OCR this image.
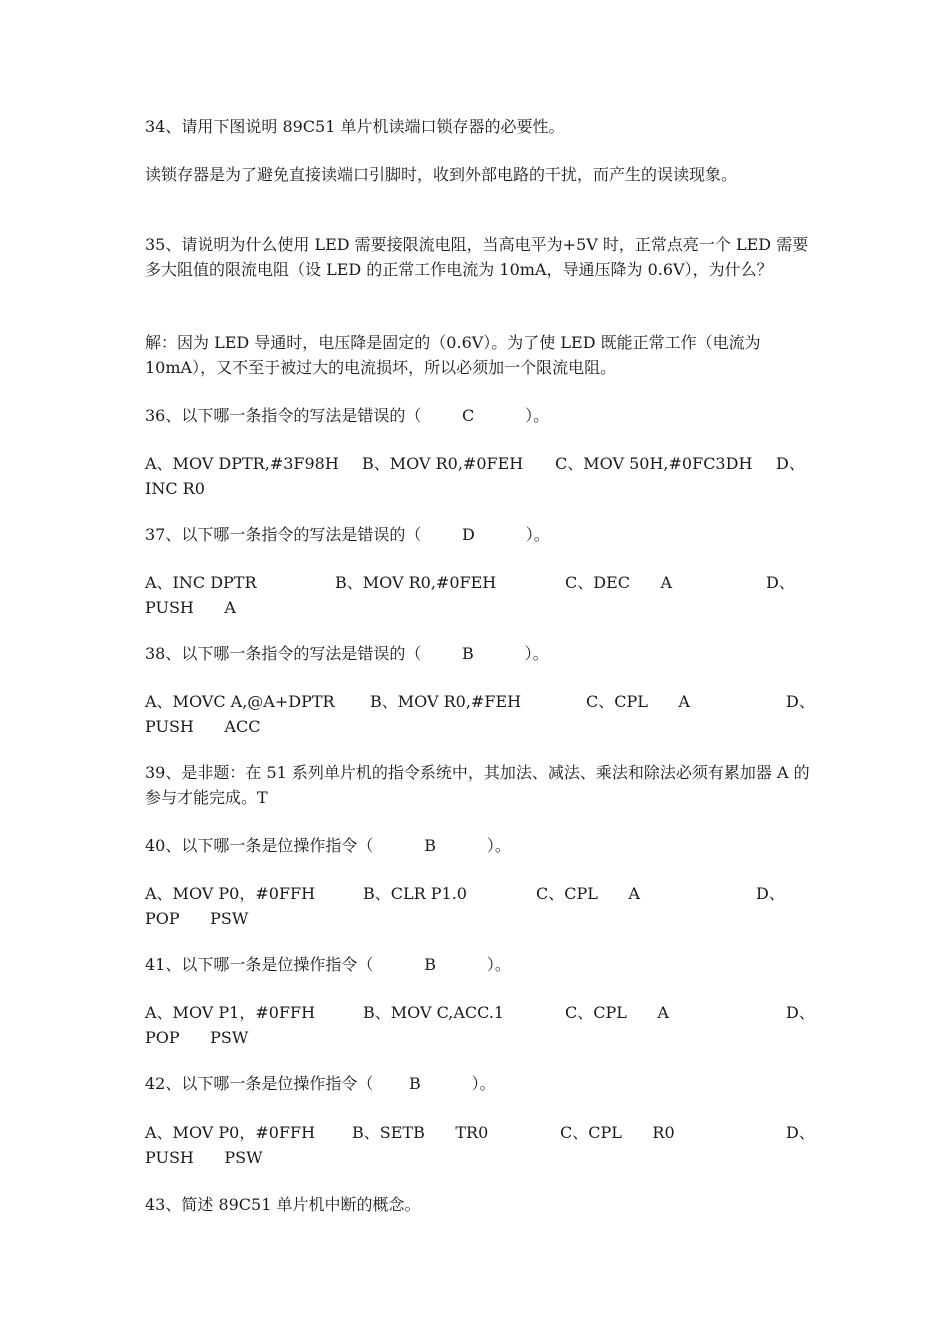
34、请用下图说明 89C51 单片机读端口锁存器的必要性。

读锁存器是为了避免直接读端口引脚时，收到外部电路的干扰，而产生的误读现象。

35、请说明为什么使用 LED 需要接限流电阻，当高电平为+5V 时，正常点亮一个 LED 需要多大阻值的限流电阻（设 LED 的正常工作电流为 10mA，导通压降为 0.6V），为什么？

解：因为 LED 导通时，电压降是固定的（0.6V）。为了使 LED 既能正常工作（电流为 10mA），又不至于被过大的电流损坏，所以必须加一个限流电阻。

36、以下哪一条指令的写法是错误的（        C          ）。

A、MOV DPTR,#3F98H B、MOV R0,#0FEH C、MOV 50H,#0FC3DH D、
INC R0

37、以下哪一条指令的写法是错误的（        D          ）。

A、INC DPTR	B、MOV R0,#0FEH	C、DEC      A	D、
PUSH      A

38、以下哪一条指令的写法是错误的（        B          ）。

A、MOVC A,@A+DPTR B、MOV R0,#FEH	C、CPL      A	D、
PUSH      ACC

39、是非题：在 51 系列单片机的指令系统中，其加法、减法、乘法和除法必须有累加器 A 的参与才能完成。T

40、以下哪一条是位操作指令（          B          ）。

A、MOV P0，#0FFH	B、CLR P1.0	C、CPL      A	D、
POP      PSW

41、以下哪一条是位操作指令（          B          ）。

A、MOV P1，#0FFH	B、MOV C,ACC.1	C、CPL      A	D、
POP      PSW

42、以下哪一条是位操作指令（       B          ）。

A、MOV P0，#0FFH B、SETB      TR0	C、CPL      R0	D、
PUSH      PSW

43、简述 89C51 单片机中断的概念。
